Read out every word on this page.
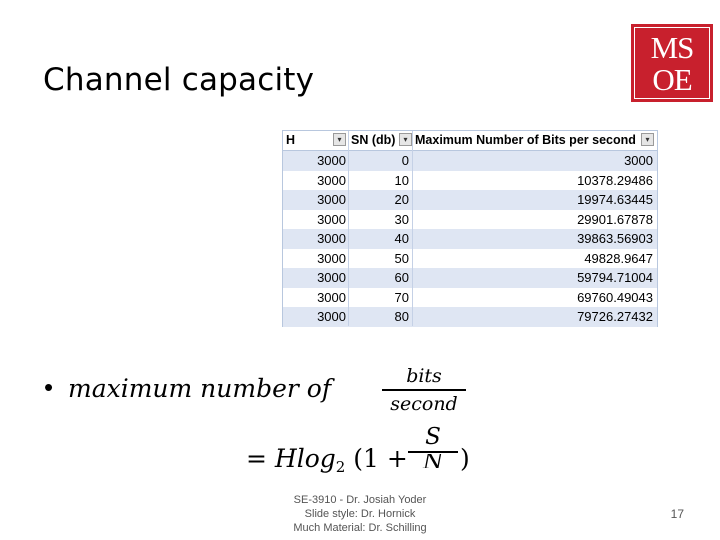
Channel capacity
MS
OE
H	▾ SN (db)	▾ Maximum Number of Bits per second	▾
3000	0	3000
3000	10	10378.29486
3000	20	19974.63445
3000	30	29901.67878
3000	40	39863.56903
3000	50	49828.9647
3000	60	59794.71004
3000	70	69760.49043
3000	80	79726.27432
• maximum number of	bits
second
= Hlog$_2$ (1 +
S
N )
SE-3910 - Dr. Josiah Yoder
Slide style: Dr. Hornick
Much Material: Dr. Schilling
17
